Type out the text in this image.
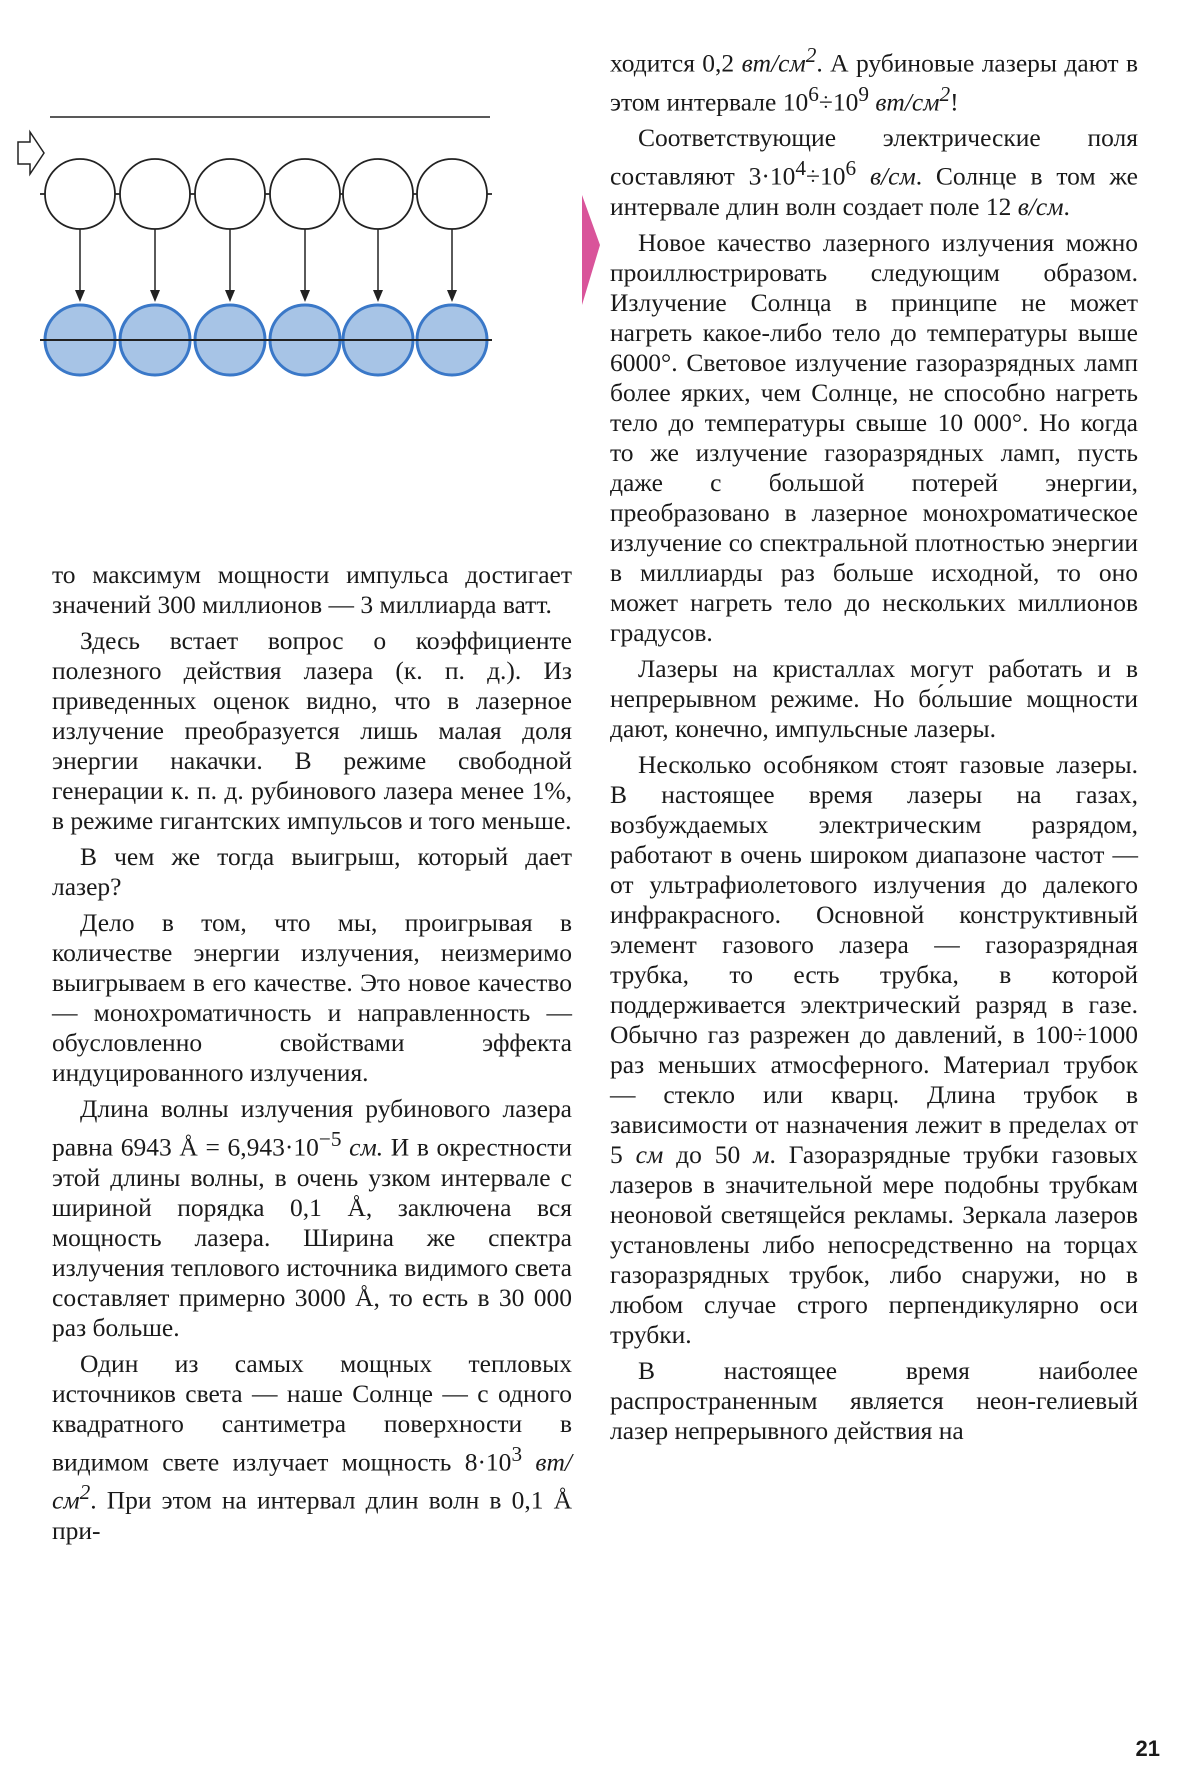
то максимум мощности импульса достигает значений 300 миллионов — 3 миллиарда ватт.

Здесь встает вопрос о коэффициенте полезного действия лазера (к. п. д.). Из приведенных оценок видно, что в лазерное излучение преобразуется лишь малая доля энергии накачки. В режиме свободной генерации к. п. д. рубинового лазера менее 1%, в режиме гигантских импульсов и того меньше.

В чем же тогда выигрыш, который дает лазер?

Дело в том, что мы, проигрывая в количестве энергии излучения, неизмеримо выигрываем в его качестве. Это новое качество — монохроматичность и направленность — обусловленно свойствами эффекта индуцированного излучения.

Длина волны излучения рубинового лазера равна 6943 Å = $6,943\cdot 10^{-5}$ см. И в окрестности этой длины волны, в очень узком интервале с шириной порядка 0,1 Å, заключена вся мощность лазера. Ширина же спектра излучения теплового источника видимого света составляет примерно 3000 Å, то есть в 30 000 раз больше.

Один из самых мощных тепловых источников света — наше Солнце — с одного квадратного сантиметра поверхности в видимом свете излучает мощность $8\cdot 10^3$ $вт/см^2$. При этом на интервал длин волн в 0,1 Å при-

ходится 0,2 $вт/см^2$. А рубиновые лазеры дают в этом интервале $10^6\div 10^9$ $вт/см^2$!

Соответствующие электрические поля составляют $3\cdot 10^4\div 10^6$ в/см. Солнце в том же интервале длин волн создает поле 12 в/см.

Новое качество лазерного излучения можно проиллюстрировать следующим образом. Излучение Солнца в принципе не может нагреть какое-либо тело до температуры выше 6000°. Световое излучение газоразрядных ламп более ярких, чем Солнце, не способно нагреть тело до температуры свыше 10 000°. Но когда то же излучение газоразрядных ламп, пусть даже с большой потерей энергии, преобразовано в лазерное монохроматическое излучение со спектральной плотностью энергии в миллиарды раз больше исходной, то оно может нагреть тело до нескольких миллионов градусов.

Лазеры на кристаллах могут работать и в непрерывном режиме. Но бо́льшие мощности дают, конечно, импульсные лазеры.

Несколько особняком стоят газовые лазеры. В настоящее время лазеры на газах, возбуждаемых электрическим разрядом, работают в очень широком диапазоне частот — от ультрафиолетового излучения до далекого инфракрасного. Основной конструктивный элемент газового лазера — газоразрядная трубка, то есть трубка, в которой поддерживается электрический разряд в газе. Обычно газ разрежен до давлений, в 100÷1000 раз меньших атмосферного. Материал трубок — стекло или кварц. Длина трубок в зависимости от назначения лежит в пределах от 5 см до 50 м. Газоразрядные трубки газовых лазеров в значительной мере подобны трубкам неоновой светящейся рекламы. Зеркала лазеров установлены либо непосредственно на торцах газоразрядных трубок, либо снаружи, но в любом случае строго перпендикулярно оси трубки.

В настоящее время наиболее распространенным является неон-гелиевый лазер непрерывного действия на

21
